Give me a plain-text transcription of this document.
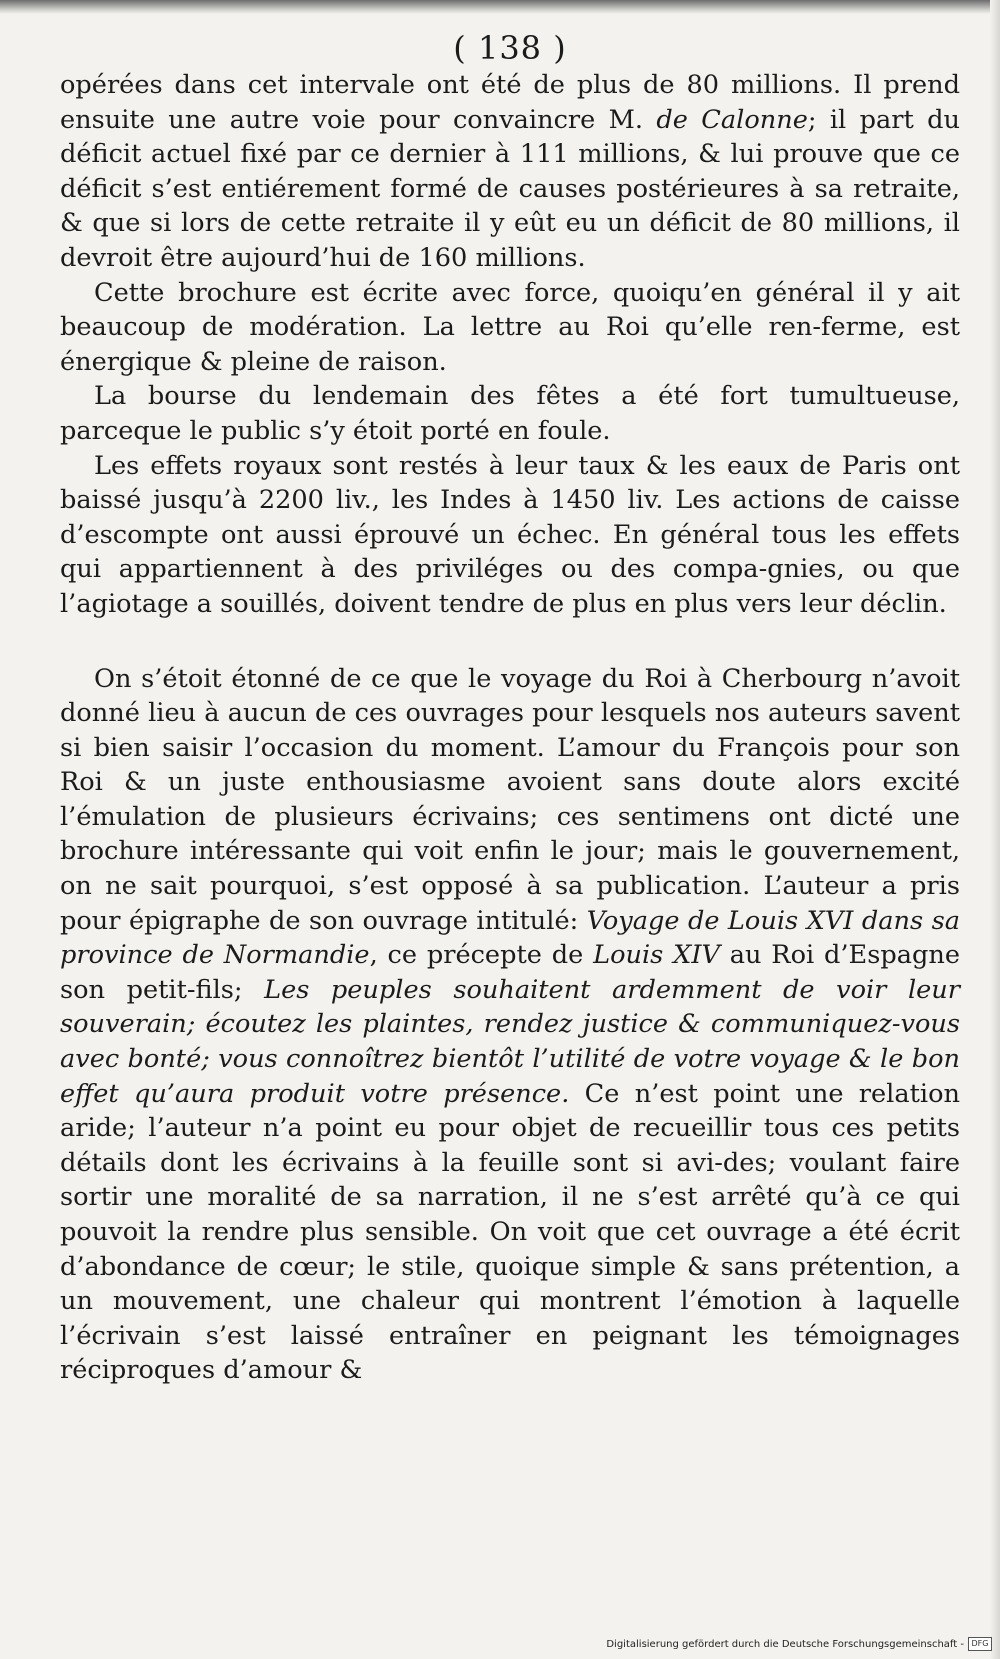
( 138 )

opérées dans cet intervale ont été de plus de 80 millions. Il prend ensuite une autre voie pour convaincre M. de Calonne; il part du déficit actuel fixé par ce dernier à 111 millions, & lui prouve que ce déficit s’est entiérement formé de causes postérieures à sa retraite, & que si lors de cette retraite il y eût eu un déficit de 80 millions, il devroit être aujourd’hui de 160 millions.

Cette brochure est écrite avec force, quoiqu’en général il y ait beaucoup de modération. La lettre au Roi qu’elle ren-ferme, est énergique & pleine de raison.

La bourse du lendemain des fêtes a été fort tumultueuse, parceque le public s’y étoit porté en foule.

Les effets royaux sont restés à leur taux & les eaux de Paris ont baissé jusqu’à 2200 liv., les Indes à 1450 liv. Les actions de caisse d’escompte ont aussi éprouvé un échec. En général tous les effets qui appartiennent à des priviléges ou des compa-gnies, ou que l’agiotage a souillés, doivent tendre de plus en plus vers leur déclin.

On s’étoit étonné de ce que le voyage du Roi à Cherbourg n’avoit donné lieu à aucun de ces ouvrages pour lesquels nos auteurs savent si bien saisir l’occasion du moment. L’amour du François pour son Roi & un juste enthousiasme avoient sans doute alors excité l’émulation de plusieurs écrivains; ces sentimens ont dicté une brochure intéressante qui voit enfin le jour; mais le gouvernement, on ne sait pourquoi, s’est opposé à sa publication. L’auteur a pris pour épigraphe de son ouvrage intitulé: Voyage de Louis XVI dans sa province de Normandie, ce précepte de Louis XIV au Roi d’Espagne son petit-fils; Les peuples souhaitent ardemment de voir leur souverain; écoutez les plaintes, rendez justice & communiquez-vous avec bonté; vous connoîtrez bientôt l’utilité de votre voyage & le bon effet qu’aura produit votre présence. Ce n’est point une relation aride; l’auteur n’a point eu pour objet de recueillir tous ces petits détails dont les écrivains à la feuille sont si avi-des; voulant faire sortir une moralité de sa narration, il ne s’est arrêté qu’à ce qui pouvoit la rendre plus sensible. On voit que cet ouvrage a été écrit d’abondance de cœur; le stile, quoique simple & sans prétention, a un mouvement, une chaleur qui montrent l’émotion à laquelle l’écrivain s’est laissé entraîner en peignant les témoignages réciproques d’amour &

Digitalisierung gefördert durch die Deutsche Forschungsgemeinschaft - DFG
